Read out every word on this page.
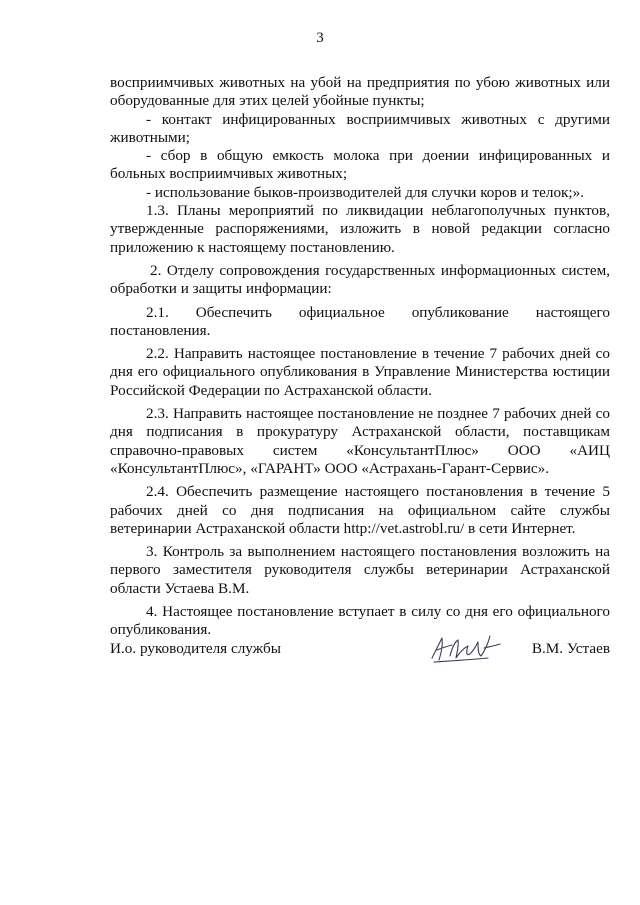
3

восприимчивых животных на убой на предприятия по убою животных или оборудованные для этих целей убойные пункты;

- контакт инфицированных восприимчивых животных с другими животными;

- сбор в общую емкость молока при доении инфицированных и больных восприимчивых животных;

- использование быков-производителей для случки коров и телок;».

1.3. Планы мероприятий по ликвидации неблагополучных пунктов, утвержденные распоряжениями, изложить в новой редакции согласно приложению к настоящему постановлению.

2. Отделу сопровождения государственных информационных систем, обработки и защиты информации:

2.1. Обеспечить официальное опубликование настоящего

постановления.

2.2. Направить настоящее постановление в течение 7 рабочих дней со дня его официального опубликования в Управление Министерства юстиции Российской Федерации по Астраханской области.

2.3. Направить настоящее постановление не позднее 7 рабочих дней со дня подписания в прокуратуру Астраханской области, поставщикам справочно-правовых систем «КонсультантПлюс» ООО «АИЦ «КонсультантПлюс», «ГАРАНТ» ООО «Астрахань-Гарант-Сервис».

2.4. Обеспечить размещение настоящего постановления в течение 5 рабочих дней со дня подписания на официальном сайте службы ветеринарии Астраханской области http://vet.astrobl.ru/ в сети Интернет.

3. Контроль за выполнением настоящего постановления возложить на первого заместителя руководителя службы ветеринарии Астраханской области Устаева В.М.

4. Настоящее постановление вступает в силу со дня его официального опубликования.

И.о. руководителя службы	В.М. Устаев
